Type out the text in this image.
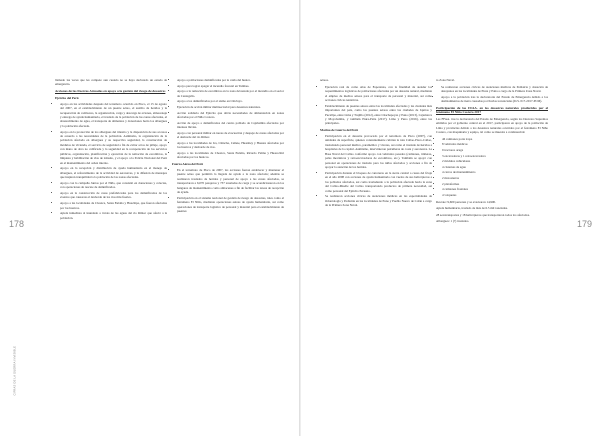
178
CIFRAS DE LA GUERRA INVISIBLE

llamado las veces que les compete aun cuando no se haya declarado un estado de emergencia.

Acciones de las Fuerzas Armadas en apoyo a la gestión del riesgo de desastres
Ejército del Perú
• Apoyo en las actividades después del terremoto ocurrido en Pisco, el 15 de agosto del 2007, en el establecimiento de un puente aéreo, el auxilio de heridos y la recuperación de cadáveres, la organización, carga y descarga de aviones, almacenaje y entrega de ayuda humanitaria, el traslado de la población de las zonas afectadas, el abastecimiento de agua, el transporte de alimentos y donaciones hacia los albergues y la población afectada.
• Apoyo en la protección de los albergues del tránsito y la disposición de sus accesos de acuerdo a las necesidades de la población. Asimismo, la organización de la población afectada en albergues y su respectiva seguridad, la construcción de módulos de vivienda, el servicio de seguridad a fin de evitar actos de pillaje, apoyo con mano de obra no calificada y la seguridad en la recuperación de los servicios públicos, organización, planificación y ejecución de la remoción de escombros, la limpieza y habilitación de vías de tránsito, y el apoyo a la Policía Nacional del Perú en el mantenimiento del orden interno.
• Apoyo en la recepción y distribución de ayuda humanitaria en el manejo de albergues, el reforzamiento de la actividad de aeronaves, y la difusión de mensajes que inspiren tranquilidad a la población de las zonas afectadas.
• Apoyo con la campaña Juntos por el Niño, que consistió en donaciones y colectas, con operaciones de rescate de damnificados.
• Apoyo en la construcción de casas prefabricadas para los damnificados de los eventos que causaron el desborde de los ríos más fuertes.
• Apoyo a las localidades de Chosica, Santa Eulalia y Huachipa, que fueron afectadas por los huaicos.
• Ayuda inmediata al inundado a través de las aguas del río Rímac que afectó a la población.
• Apoyo a poblaciones damnificadas por la caída del huaico.
• Apoyo para lograr apagar el incendio forestal en Tumbes.
• Apoyo a la remoción de escombros en la zona devastada por el incendio en el sector de Cantagallo.
• Apoyo a los damnificados por el sismo en Chiclayo.
• Ejecución de acción militar multisectorial para desastres naturales.
• Acción solidaria del Ejército que alivia necesidades de alimentación en zonas afectadas por el Niño Costero.
• Acción de apoyo a damnificados del centro poblado de Cajabamba afectados por intensas lluvias.
• Apoyo con personal militar en tareas de evacuación y despeje de zonas afectadas por el desborde del río Rímac.
• Apoyo a las localidades de Ica, Chincha, Cañete, Huarmey y Huaura afectadas por los huaicos y desborde de ríos.
• Apoyo a las localidades de Chosica, Santa Eulalia, Ricardo Palma y Huarochirí afectadas por los huaicos.
Fuerza Aérea del Perú
• En el terremoto de Pisco de 2007, las acciones fueron establecer y mantener el puente aéreo que permitió la llegada de ayuda a la zona afectada; además se realizaron traslados de heridos y personal de apoyo a las zonas afectadas, se transportaron a 6,070 pasajeros y 737 toneladas de carga y se acondicionaron en los hangares de mantenimiento como almacenes a fin de facilitar las tareas de recepción de ayuda.
• Participación en el sistema nacional de gestión de riesgo de desastres, tales como el fenómeno El Niño, mediante operaciones aéreas de ayuda humanitaria, así como operaciones de transporte logístico de personal y material para el establecimiento de puentes
179

aéreos.

• Ejecución real de como Alas de Esperanza, con la finalidad de atender los requerimientos logísticos de poblaciones afectadas por un desastre natural, mediante el empleo de medios aéreos para el transporte de personal y material, así como acciones cívicas tentativas.
• Establecimiento de puentes aéreos entre las localidades afectadas y las ciudades más importantes del país, como los puentes aéreos entre las ciudades de Iquitos y Pucallpa, entre Lima y Trujillo (2012), entre Chachapoyas y Puno (2013), Cajamarca y Moyobamba, y también Piura-Paita (2017), Lima y Puno (2016), entre las principales.
Marina de Guerra del Perú
• Participación en el desastre provocado por el terremoto de Pisco (2007), con unidades de superficie, quienes constantemente cubrían la ruta Callao-Pisco-Callao, trasladando personal médico, paramédico y víveres, así como el traslado de heridos a hospitales de la capital. Asimismo, intervinieron patrulleras de costa y aeronaves. La Base Naval del Callao conformó apoyo con vehículos pesados (camiones, tráileres, palas mecánicas y retroexcavadoras de escombros, etc.). También se apoyó con personal en operaciones de traslado para los niños afectados y acciones a fin de apoyar la atención de los heridos.
• Participación durante el bloqueo de carreteras en la sierra central a causa del friaje en el año 2008 con acciones de ayuda humanitaria con vuelos de sus helicópteros a los poblados afectados, así como trasladando a la población afectada hacia la zona del Callao-Muelle del Callao transportando productos de primera necesidad, así como personal del Ejército Peruano.
• Se realizaron acciones cívicas de atenciones médicas en las especialidades de Odontología y Pediatría en las localidades de Puno y Pueblo Nuevo de Colán a cargo de la Primera Zona Naval.

ra Zona Naval.

• Se realizaron acciones cívicas de atenciones médicas de Pediatría y donación de desayunos en las localidades de Piura y Paita a cargo de la Primera Zona Naval.
• Apoyo a la población tras la declaratoria del Estado de Emergencia debido a los deslizamientos de tierra causadas por lluvias torrenciales (D.S. 017-2017-PCM).
Participación de las FFAA. en los desastres naturales producidos por el fenómeno El Niño Costero 2017

Las FFAA. tras la declaratoria del Estado de Emergencia, según los Decretos Supremos emitidos por el gobierno central en el 2017, participaron en apoyo de la población de Lima y provincias debido a los desastres naturales ocurridos por el fenómeno El Niño Costero, con maquinaria y equipo, tal como se muestra a continuación:

• 46 camiones porta tropa
• 8 vehículos médicos
• 9 tractores oruga
• 3 excavadoras y 1 retroexcavadora
• 2 módulos vehiculares
• 4 cisternas de agua
• 4 carros de mantenimiento
• 2 motosierras
• 2 plataformas
• 4 camiones frontales
• 4 volquetes

Rescate: 9,600 personas y se evacuaron 14,900.

Ayuda humanitaria, traslado de más de 6.5 mil toneladas.

28 aerotransportes y 18 helicópteros que transportaron todos los afectados.

Albergues: 1 (?) traslados.
